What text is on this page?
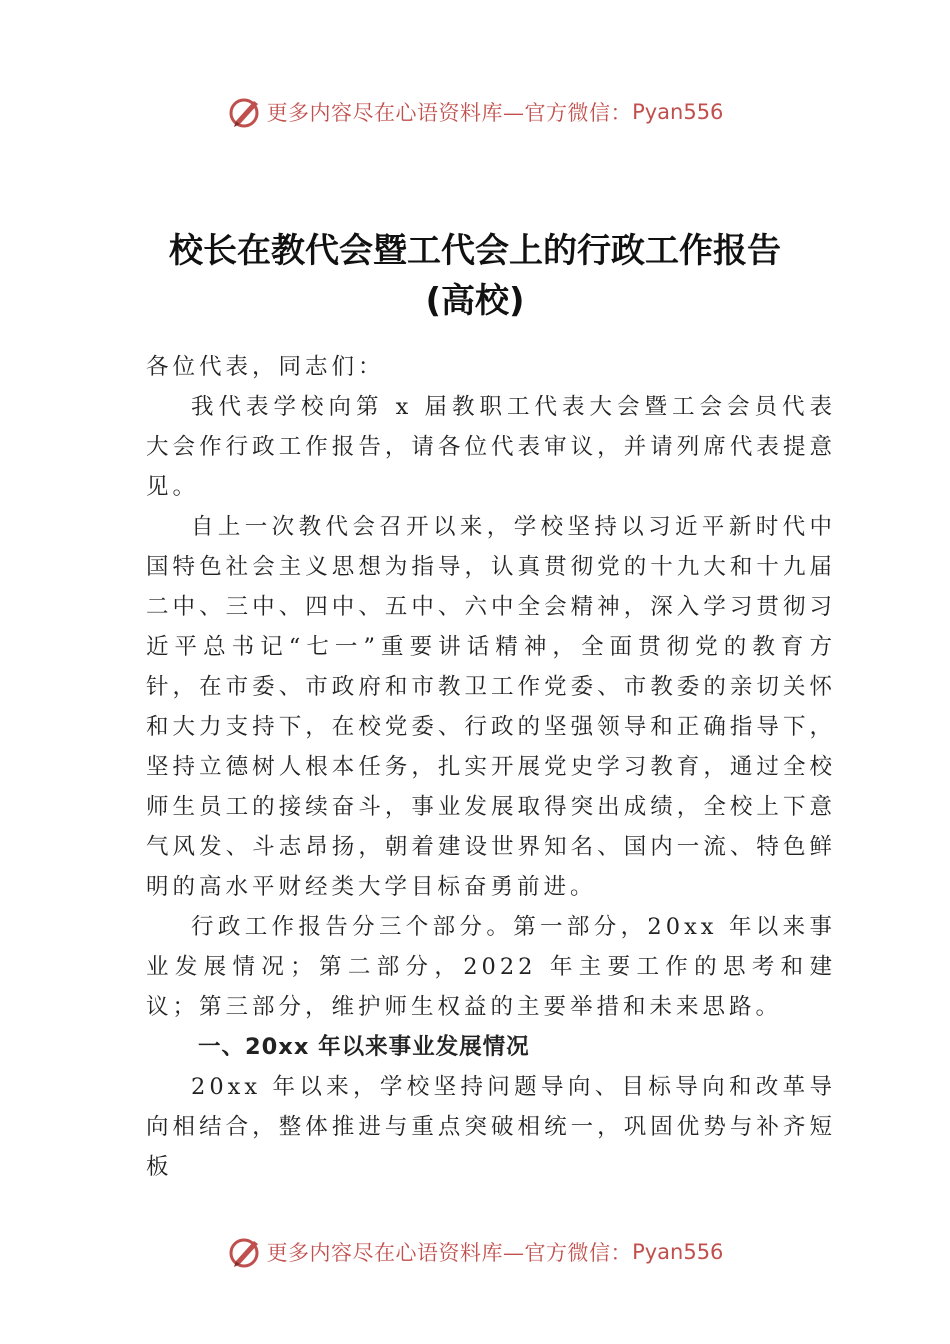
更多内容尽在心语资料库—官方微信： Pyan556
校长在教代会暨工代会上的行政工作报告
(高校)

各位代表，同志们：

我代表学校向第 x 届教职工代表大会暨工会会员代表大会作行政工作报告，请各位代表审议，并请列席代表提意见。

自上一次教代会召开以来，学校坚持以习近平新时代中国特色社会主义思想为指导，认真贯彻党的十九大和十九届二中、三中、四中、五中、六中全会精神，深入学习贯彻习近平总书记“七一”重要讲话精神，全面贯彻党的教育方针，在市委、市政府和市教卫工作党委、市教委的亲切关怀和大力支持下，在校党委、行政的坚强领导和正确指导下，坚持立德树人根本任务，扎实开展党史学习教育，通过全校师生员工的接续奋斗，事业发展取得突出成绩，全校上下意气风发、斗志昂扬，朝着建设世界知名、国内一流、特色鲜明的高水平财经类大学目标奋勇前进。

行政工作报告分三个部分。第一部分，20xx 年以来事业发展情况；第二部分，2022 年主要工作的思考和建议；第三部分，维护师生权益的主要举措和未来思路。

一、20xx 年以来事业发展情况

20xx 年以来，学校坚持问题导向、目标导向和改革导向相结合，整体推进与重点突破相统一，巩固优势与补齐短板

更多内容尽在心语资料库—官方微信： Pyan556
